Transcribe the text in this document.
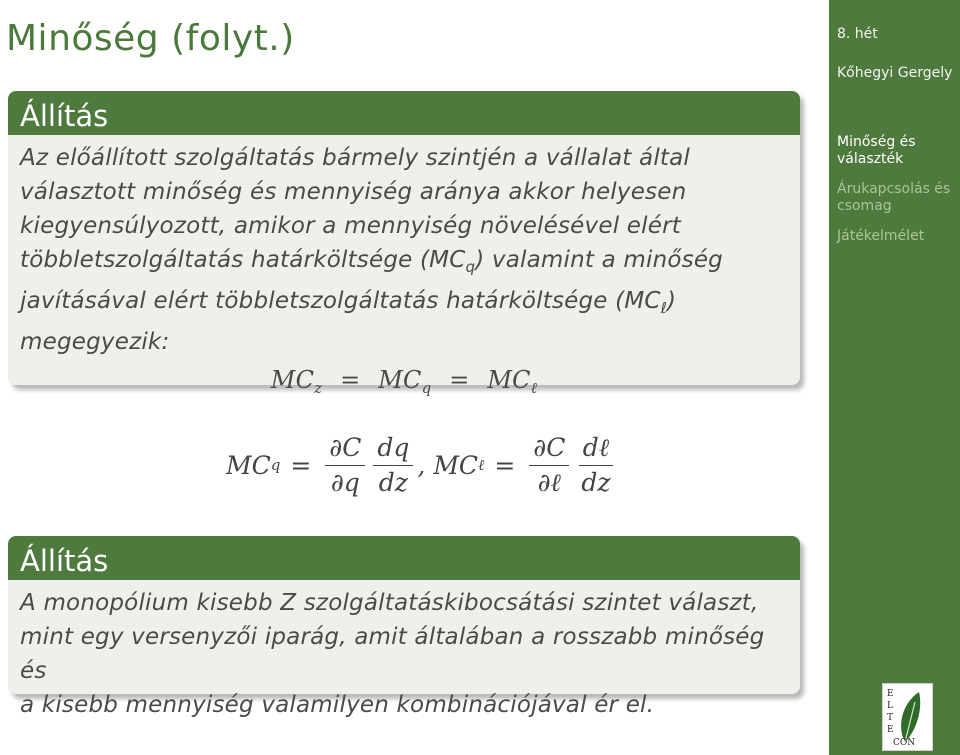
Minőség (folyt.)
Állítás
Az előállított szolgáltatás bármely szintjén a vállalat által
választott minőség és mennyiség aránya akkor helyesen
kiegyensúlyozott, amikor a mennyiség növelésével elért
többletszolgáltatás határköltsége $(MC_q)$ valamint a minőség
javításával elért többletszolgáltatás határköltsége $(MC_\ell)$
megegyezik:
$MC_z = MC_q = MC_\ell$
MC $q = \frac{\partial C}{\partial q} \frac{dq}{dz}$ , MC ℓ = $\frac{\partial C}{\text{∂ℓ}} \frac{\text{dℓ}}{dz}$
Állítás
A monopólium kisebb Z szolgáltatáskibocsátási szintet választ,
mint egy versenyzői iparág, amit általában a rosszabb minőség és
a kisebb mennyiség valamilyen kombinációjával ér el.
8. hét
Kőhegyi Gergely
Minőség és választék
Árukapcsolás és csomag
Játékelmélet
E
L
T
E
CON
